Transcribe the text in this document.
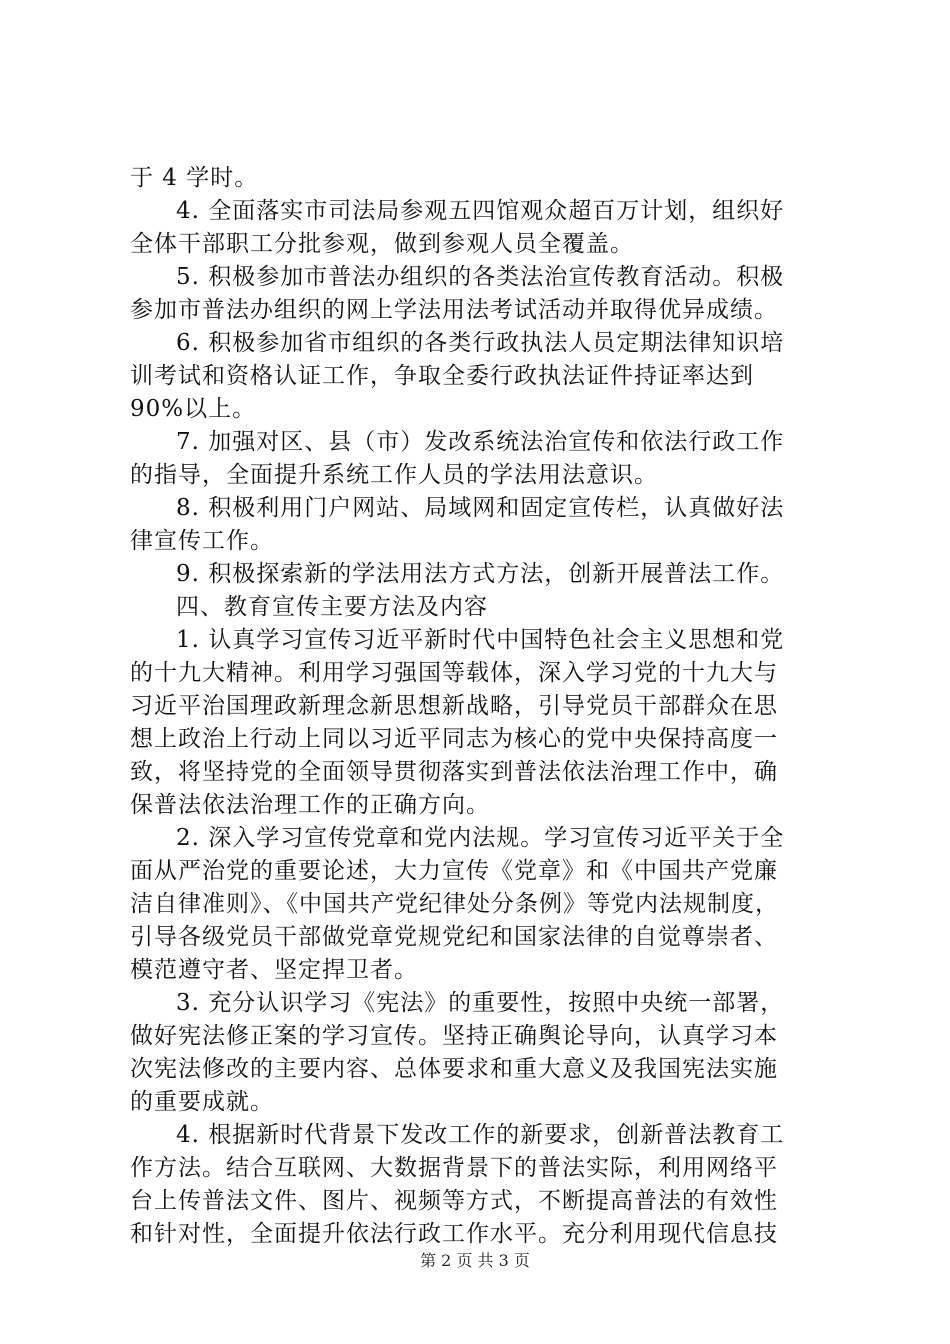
于 4 学时。
4. 全面落实市司法局参观五四馆观众超百万计划，组织好
全体干部职工分批参观，做到参观人员全覆盖。
5. 积极参加市普法办组织的各类法治宣传教育活动。积极
参加市普法办组织的网上学法用法考试活动并取得优异成绩。
6. 积极参加省市组织的各类行政执法人员定期法律知识培
训考试和资格认证工作，争取全委行政执法证件持证率达到
90%以上。
7. 加强对区、县（市）发改系统法治宣传和依法行政工作
的指导，全面提升系统工作人员的学法用法意识。
8. 积极利用门户网站、局域网和固定宣传栏，认真做好法
律宣传工作。
9. 积极探索新的学法用法方式方法，创新开展普法工作。
四、教育宣传主要方法及内容
1. 认真学习宣传习近平新时代中国特色社会主义思想和党
的十九大精神。利用学习强国等载体，深入学习党的十九大与
习近平治国理政新理念新思想新战略，引导党员干部群众在思
想上政治上行动上同以习近平同志为核心的党中央保持高度一
致，将坚持党的全面领导贯彻落实到普法依法治理工作中，确
保普法依法治理工作的正确方向。
2. 深入学习宣传党章和党内法规。学习宣传习近平关于全
面从严治党的重要论述，大力宣传《党章》和《中国共产党廉
洁自律准则》、《中国共产党纪律处分条例》等党内法规制度，
引导各级党员干部做党章党规党纪和国家法律的自觉尊崇者、
模范遵守者、坚定捍卫者。
3. 充分认识学习《宪法》的重要性，按照中央统一部署，
做好宪法修正案的学习宣传。坚持正确舆论导向，认真学习本
次宪法修改的主要内容、总体要求和重大意义及我国宪法实施
的重要成就。
4. 根据新时代背景下发改工作的新要求，创新普法教育工
作方法。结合互联网、大数据背景下的普法实际，利用网络平
台上传普法文件、图片、视频等方式，不断提高普法的有效性
和针对性，全面提升依法行政工作水平。充分利用现代信息技
第 2 页 共 3 页
